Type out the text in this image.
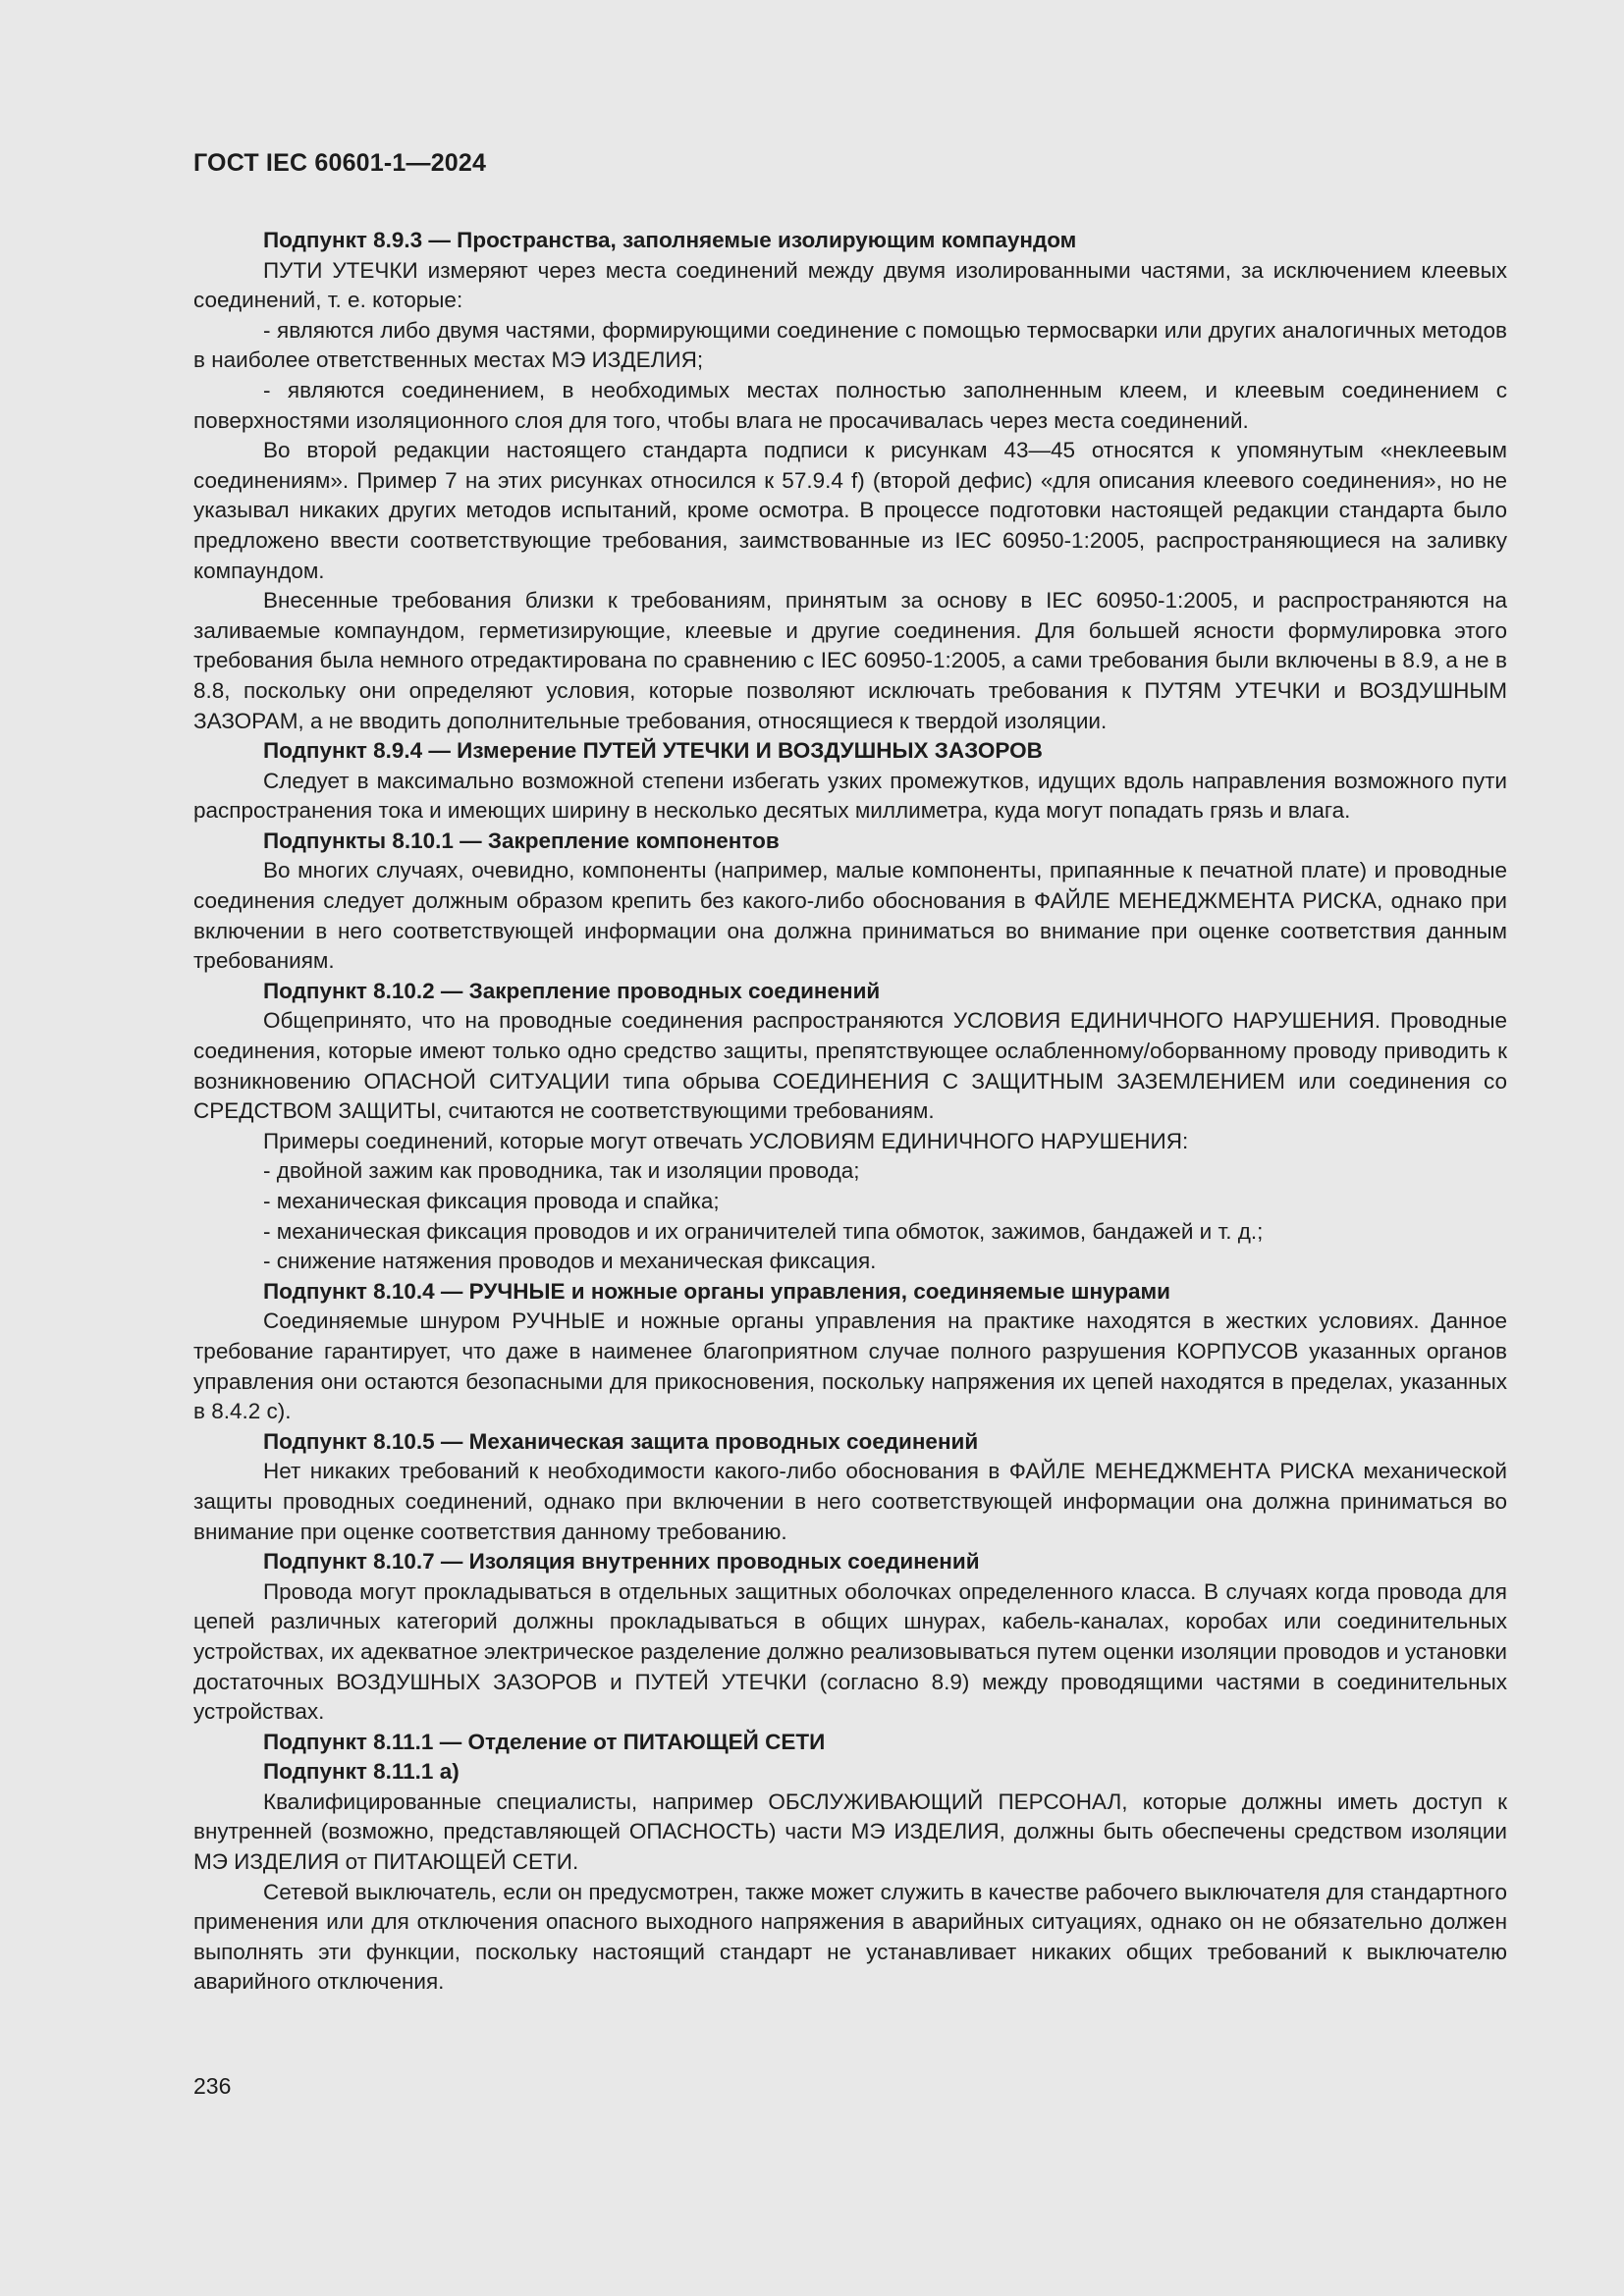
ГОСТ IEC 60601-1—2024

Подпункт 8.9.3 — Пространства, заполняемые изолирующим компаундом

ПУТИ УТЕЧКИ измеряют через места соединений между двумя изолированными частями, за исключением клеевых соединений, т. е. которые:

- являются либо двумя частями, формирующими соединение с помощью термосварки или других аналогичных методов в наиболее ответственных местах МЭ ИЗДЕЛИЯ;

- являются соединением, в необходимых местах полностью заполненным клеем, и клеевым соединением с поверхностями изоляционного слоя для того, чтобы влага не просачивалась через места соединений.

Во второй редакции настоящего стандарта подписи к рисункам 43—45 относятся к упомянутым «неклеевым соединениям». Пример 7 на этих рисунках относился к 57.9.4 f) (второй дефис) «для описания клеевого соединения», но не указывал никаких других методов испытаний, кроме осмотра. В процессе подготовки настоящей редакции стандарта было предложено ввести соответствующие требования, заимствованные из IEC 60950-1:2005, распространяющиеся на заливку компаундом.

Внесенные требования близки к требованиям, принятым за основу в IEC 60950-1:2005, и распространяются на заливаемые компаундом, герметизирующие, клеевые и другие соединения. Для большей ясности формулировка этого требования была немного отредактирована по сравнению с IEC 60950-1:2005, а сами требования были включены в 8.9, а не в 8.8, поскольку они определяют условия, которые позволяют исключать требования к ПУТЯМ УТЕЧКИ и ВОЗДУШНЫМ ЗАЗОРАМ, а не вводить дополнительные требования, относящиеся к твердой изоляции.

Подпункт 8.9.4 — Измерение ПУТЕЙ УТЕЧКИ И ВОЗДУШНЫХ ЗАЗОРОВ

Следует в максимально возможной степени избегать узких промежутков, идущих вдоль направления возможного пути распространения тока и имеющих ширину в несколько десятых миллиметра, куда могут попадать грязь и влага.

Подпункты 8.10.1 — Закрепление компонентов

Во многих случаях, очевидно, компоненты (например, малые компоненты, припаянные к печатной плате) и проводные соединения следует должным образом крепить без какого-либо обоснования в ФАЙЛЕ МЕНЕДЖМЕНТА РИСКА, однако при включении в него соответствующей информации она должна приниматься во внимание при оценке соответствия данным требованиям.

Подпункт 8.10.2 — Закрепление проводных соединений

Общепринято, что на проводные соединения распространяются УСЛОВИЯ ЕДИНИЧНОГО НАРУШЕНИЯ. Проводные соединения, которые имеют только одно средство защиты, препятствующее ослабленному/оборванному проводу приводить к возникновению ОПАСНОЙ СИТУАЦИИ типа обрыва СОЕДИНЕНИЯ С ЗАЩИТНЫМ ЗАЗЕМЛЕНИЕМ или соединения со СРЕДСТВОМ ЗАЩИТЫ, считаются не соответствующими требованиям.

Примеры соединений, которые могут отвечать УСЛОВИЯМ ЕДИНИЧНОГО НАРУШЕНИЯ:

- двойной зажим как проводника, так и изоляции провода;

- механическая фиксация провода и спайка;

- механическая фиксация проводов и их ограничителей типа обмоток, зажимов, бандажей и т. д.;

- снижение натяжения проводов и механическая фиксация.

Подпункт 8.10.4 — РУЧНЫЕ и ножные органы управления, соединяемые шнурами

Соединяемые шнуром РУЧНЫЕ и ножные органы управления на практике находятся в жестких условиях. Данное требование гарантирует, что даже в наименее благоприятном случае полного разрушения КОРПУСОВ указанных органов управления они остаются безопасными для прикосновения, поскольку напряжения их цепей находятся в пределах, указанных в 8.4.2 с).

Подпункт 8.10.5 — Механическая защита проводных соединений

Нет никаких требований к необходимости какого-либо обоснования в ФАЙЛЕ МЕНЕДЖМЕНТА РИСКА механической защиты проводных соединений, однако при включении в него соответствующей информации она должна приниматься во внимание при оценке соответствия данному требованию.

Подпункт 8.10.7 — Изоляция внутренних проводных соединений

Провода могут прокладываться в отдельных защитных оболочках определенного класса. В случаях когда провода для цепей различных категорий должны прокладываться в общих шнурах, кабель-каналах, коробах или соединительных устройствах, их адекватное электрическое разделение должно реализовываться путем оценки изоляции проводов и установки достаточных ВОЗДУШНЫХ ЗАЗОРОВ и ПУТЕЙ УТЕЧКИ (согласно 8.9) между проводящими частями в соединительных устройствах.

Подпункт 8.11.1 — Отделение от ПИТАЮЩЕЙ СЕТИ

Подпункт 8.11.1 а)

Квалифицированные специалисты, например ОБСЛУЖИВАЮЩИЙ ПЕРСОНАЛ, которые должны иметь доступ к внутренней (возможно, представляющей ОПАСНОСТЬ) части МЭ ИЗДЕЛИЯ, должны быть обеспечены средством изоляции МЭ ИЗДЕЛИЯ от ПИТАЮЩЕЙ СЕТИ.

Сетевой выключатель, если он предусмотрен, также может служить в качестве рабочего выключателя для стандартного применения или для отключения опасного выходного напряжения в аварийных ситуациях, однако он не обязательно должен выполнять эти функции, поскольку настоящий стандарт не устанавливает никаких общих требований к выключателю аварийного отключения.

236
